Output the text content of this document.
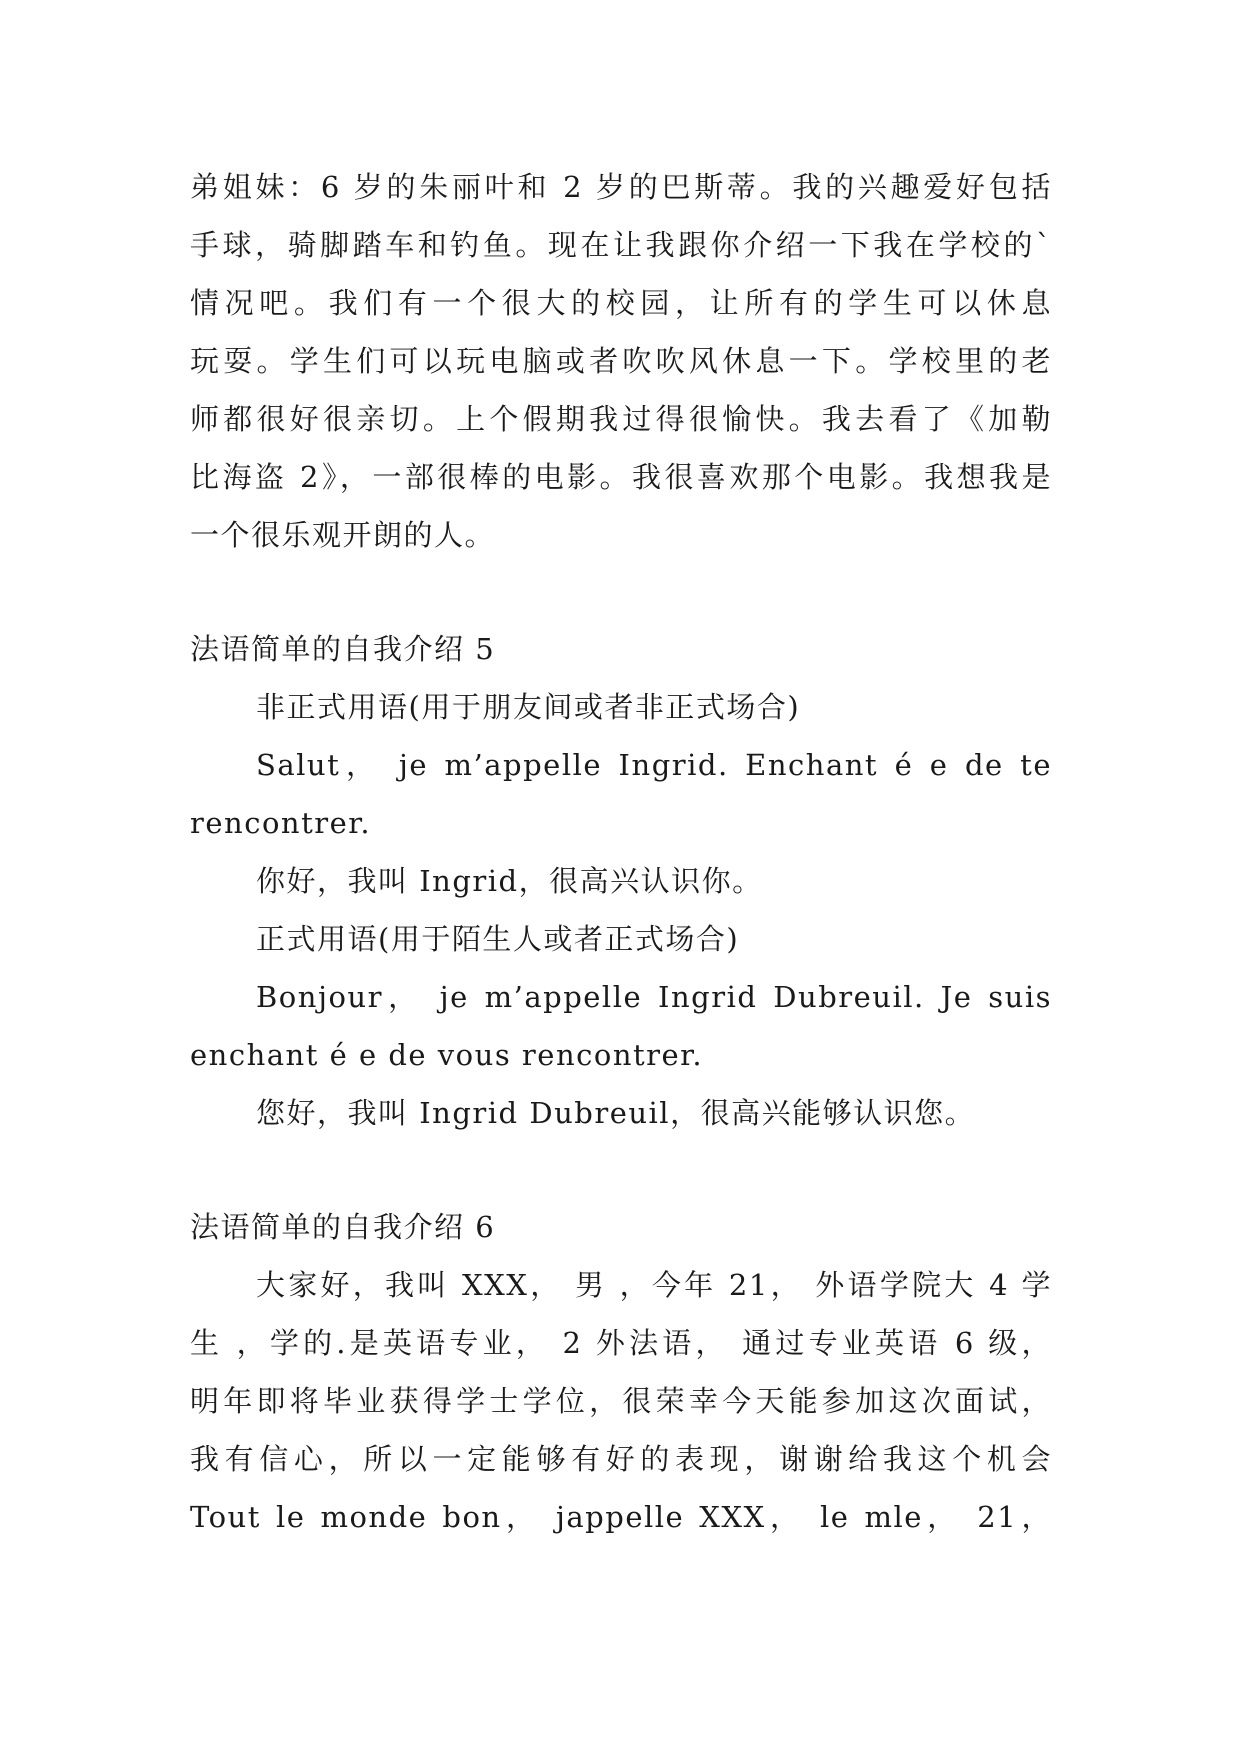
弟姐妹：6 岁的朱丽叶和 2 岁的巴斯蒂。我的兴趣爱好包括

手球，骑脚踏车和钓鱼。现在让我跟你介绍一下我在学校的`

情况吧。我们有一个很大的校园，让所有的学生可以休息

玩耍。学生们可以玩电脑或者吹吹风休息一下。学校里的老

师都很好很亲切。上个假期我过得很愉快。我去看了《加勒

比海盗 2》，一部很棒的电影。我很喜欢那个电影。我想我是

一个很乐观开朗的人。

法语简单的自我介绍 5

非正式用语(用于朋友间或者非正式场合)

Salut， je m’appelle Ingrid. Enchant é e de te

rencontrer.

你好，我叫 Ingrid，很高兴认识你。

正式用语(用于陌生人或者正式场合)

Bonjour， je m’appelle Ingrid Dubreuil. Je suis

enchant é e de vous rencontrer.

您好，我叫 Ingrid Dubreuil，很高兴能够认识您。

法语简单的自我介绍 6

大家好，我叫 XXX， 男 ，今年 21， 外语学院大 4 学

生 ，学的.是英语专业， 2 外法语， 通过专业英语 6 级，

明年即将毕业获得学士学位，很荣幸今天能参加这次面试，

我有信心，所以一定能够有好的表现，谢谢给我这个机会

Tout le monde bon， jappelle XXX， le mle， 21，
